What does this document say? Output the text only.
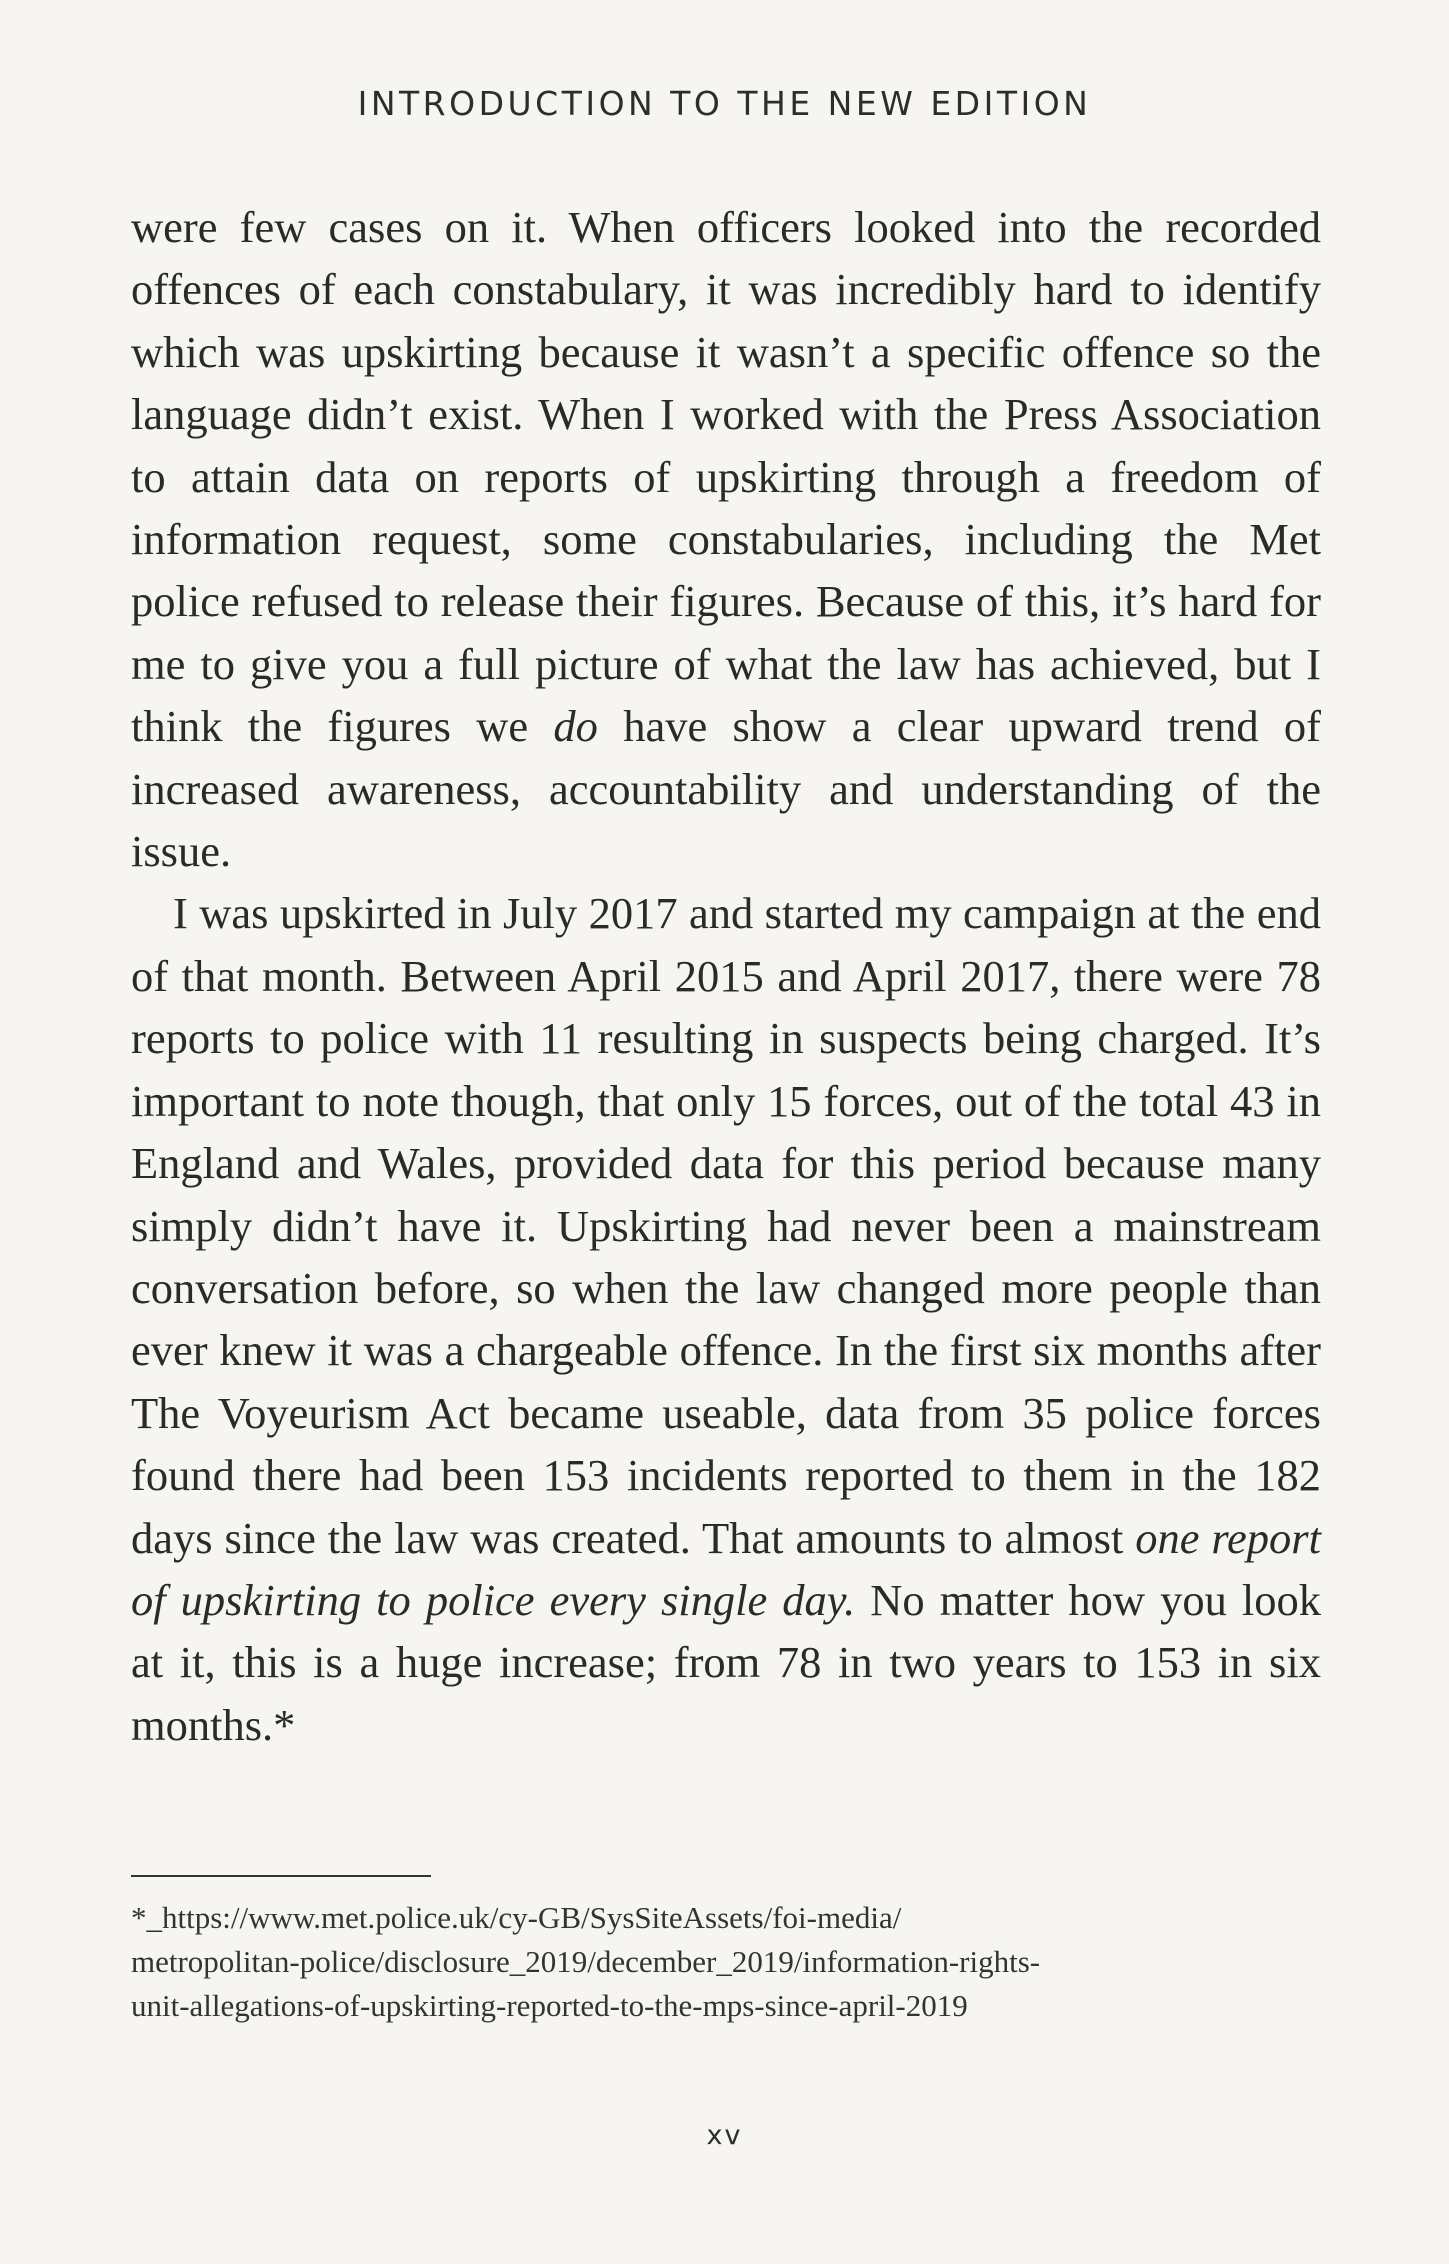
INTRODUCTION TO THE NEW EDITION

were few cases on it. When officers looked into the recorded offences of each constabulary, it was incredibly hard to identify which was upskirting because it wasn’t a specific offence so the language didn’t exist. When I worked with the Press Association to attain data on reports of upskirting through a freedom of information request, some constabularies, including the Met police refused to release their figures. Because of this, it’s hard for me to give you a full picture of what the law has achieved, but I think the figures we do have show a clear upward trend of increased awareness, accountability and understanding of the issue.

I was upskirted in July 2017 and started my campaign at the end of that month. Between April 2015 and April 2017, there were 78 reports to police with 11 resulting in suspects being charged. It’s important to note though, that only 15 forces, out of the total 43 in England and Wales, provided data for this period because many simply didn’t have it. Upskirting had never been a mainstream conversation before, so when the law changed more people than ever knew it was a chargeable offence. In the first six months after The Voyeurism Act became useable, data from 35 police forces found there had been 153 incidents reported to them in the 182 days since the law was created. That amounts to almost one report of upskirting to police every single day. No matter how you look at it, this is a huge increase; from 78 in two years to 153 in six months.*

*_https://www.met.police.uk/cy-GB/SysSiteAssets/foi-media/
metropolitan-police/disclosure_2019/december_2019/information-rights-
unit-allegations-of-upskirting-reported-to-the-mps-since-april-2019
xv
